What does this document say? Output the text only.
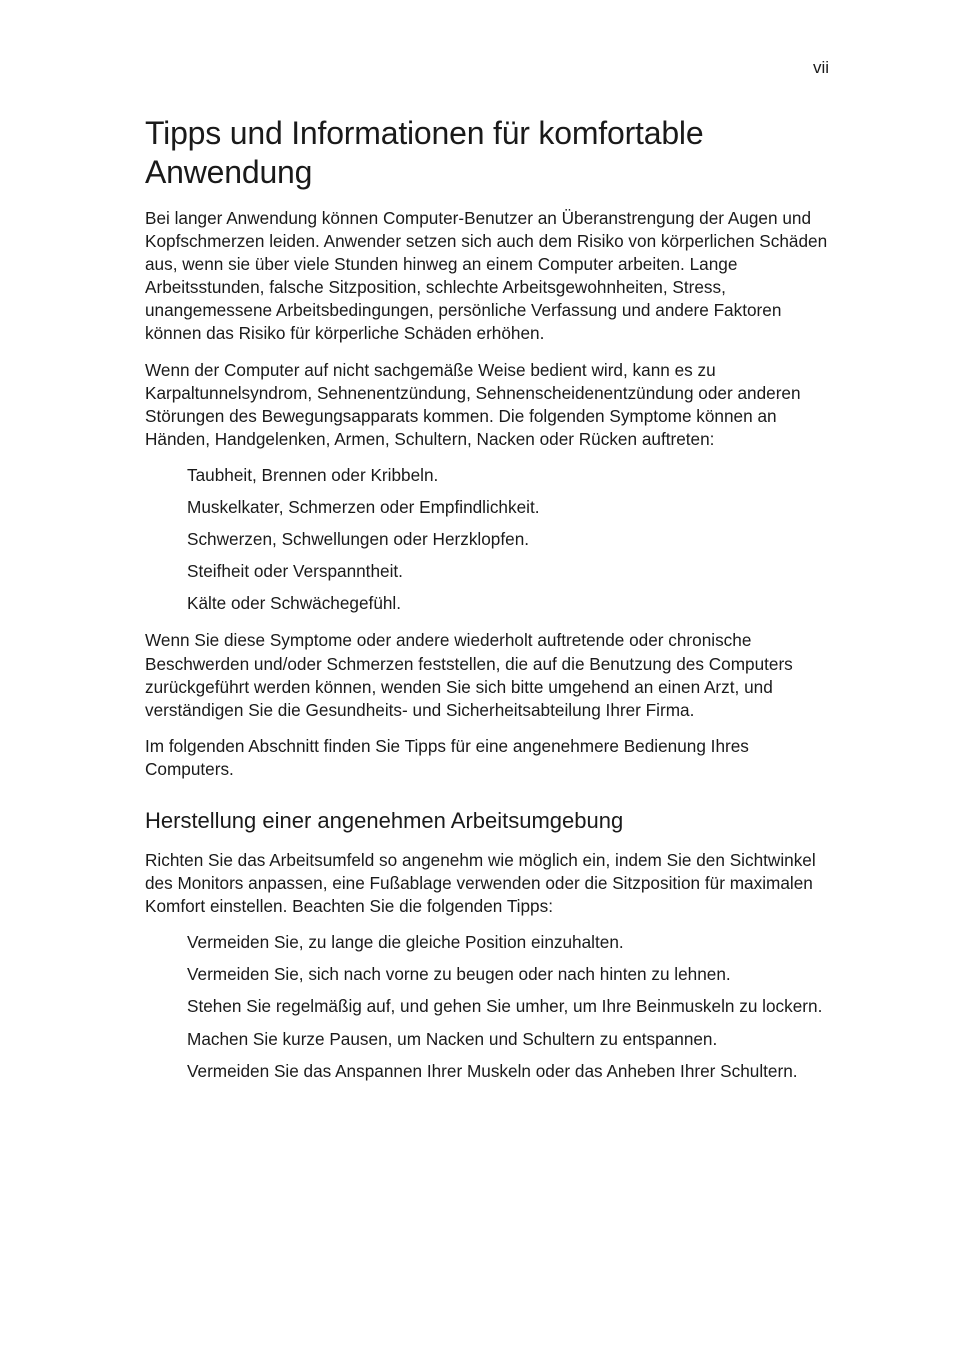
vii
Tipps und Informationen für komfortable Anwendung

Bei langer Anwendung können Computer-Benutzer an Überanstrengung der Augen und Kopfschmerzen leiden. Anwender setzen sich auch dem Risiko von körperlichen Schäden aus, wenn sie über viele Stunden hinweg an einem Computer arbeiten. Lange Arbeitsstunden, falsche Sitzposition, schlechte Arbeitsgewohnheiten, Stress, unangemessene Arbeitsbedingungen, persönliche Verfassung und andere Faktoren können das Risiko für körperliche Schäden erhöhen.

Wenn der Computer auf nicht sachgemäße Weise bedient wird, kann es zu Karpaltunnelsyndrom, Sehnenentzündung, Sehnenscheidenentzündung oder anderen Störungen des Bewegungsapparats kommen. Die folgenden Symptome können an Händen, Handgelenken, Armen, Schultern, Nacken oder Rücken auftreten:

Taubheit, Brennen oder Kribbeln.
Muskelkater, Schmerzen oder Empfindlichkeit.
Schwerzen, Schwellungen oder Herzklopfen.
Steifheit oder Verspanntheit.
Kälte oder Schwächegefühl.

Wenn Sie diese Symptome oder andere wiederholt auftretende oder chronische Beschwerden und/oder Schmerzen feststellen, die auf die Benutzung des Computers zurückgeführt werden können, wenden Sie sich bitte umgehend an einen Arzt, und verständigen Sie die Gesundheits- und Sicherheitsabteilung Ihrer Firma.

Im folgenden Abschnitt finden Sie Tipps für eine angenehmere Bedienung Ihres Computers.

Herstellung einer angenehmen Arbeitsumgebung

Richten Sie das Arbeitsumfeld so angenehm wie möglich ein, indem Sie den Sichtwinkel des Monitors anpassen, eine Fußablage verwenden oder die Sitzposition für maximalen Komfort einstellen. Beachten Sie die folgenden Tipps:

Vermeiden Sie, zu lange die gleiche Position einzuhalten.
Vermeiden Sie, sich nach vorne zu beugen oder nach hinten zu lehnen.
Stehen Sie regelmäßig auf, und gehen Sie umher, um Ihre Beinmuskeln zu lockern.
Machen Sie kurze Pausen, um Nacken und Schultern zu entspannen.
Vermeiden Sie das Anspannen Ihrer Muskeln oder das Anheben Ihrer Schultern.
